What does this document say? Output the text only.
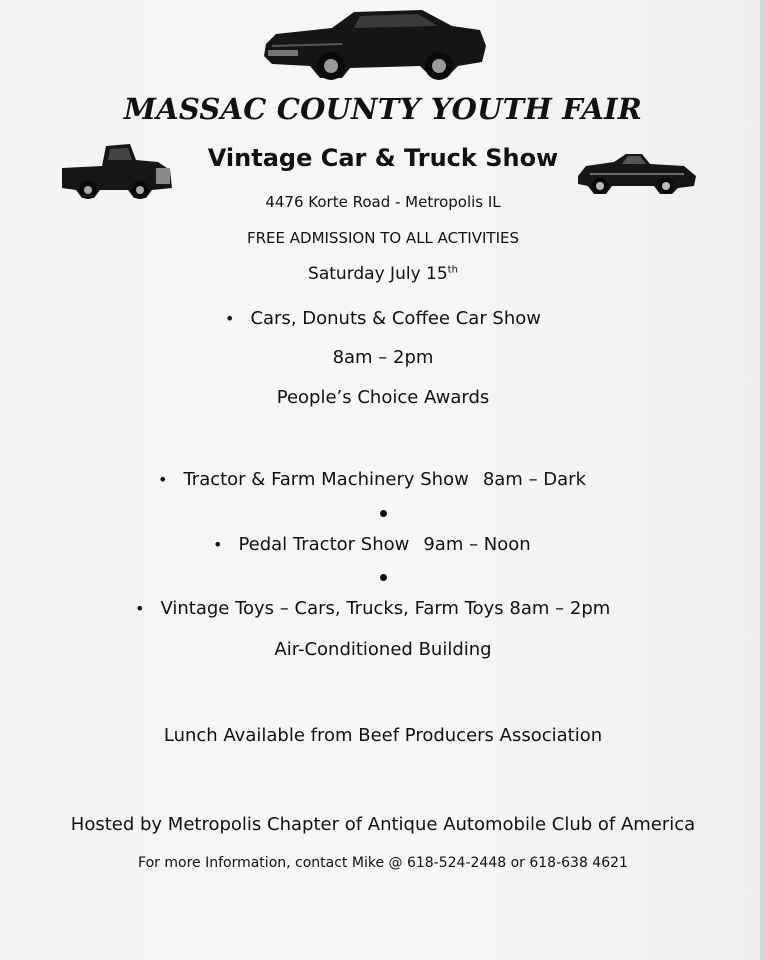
MASSAC COUNTY YOUTH FAIR
Vintage Car & Truck Show
4476 Korte Road - Metropolis IL
FREE ADMISSION TO ALL ACTIVITIES
Saturday July 15th
• Cars, Donuts & Coffee Car Show
8am – 2pm
People’s Choice Awards
• Tractor & Farm Machinery Show 8am – Dark
• Pedal Tractor Show 9am – Noon
• Vintage Toys – Cars, Trucks, Farm Toys 8am – 2pm
Air-Conditioned Building
Lunch Available from Beef Producers Association
Hosted by Metropolis Chapter of Antique Automobile Club of America
For more Information, contact Mike @ 618-524-2448 or 618-638 4621
